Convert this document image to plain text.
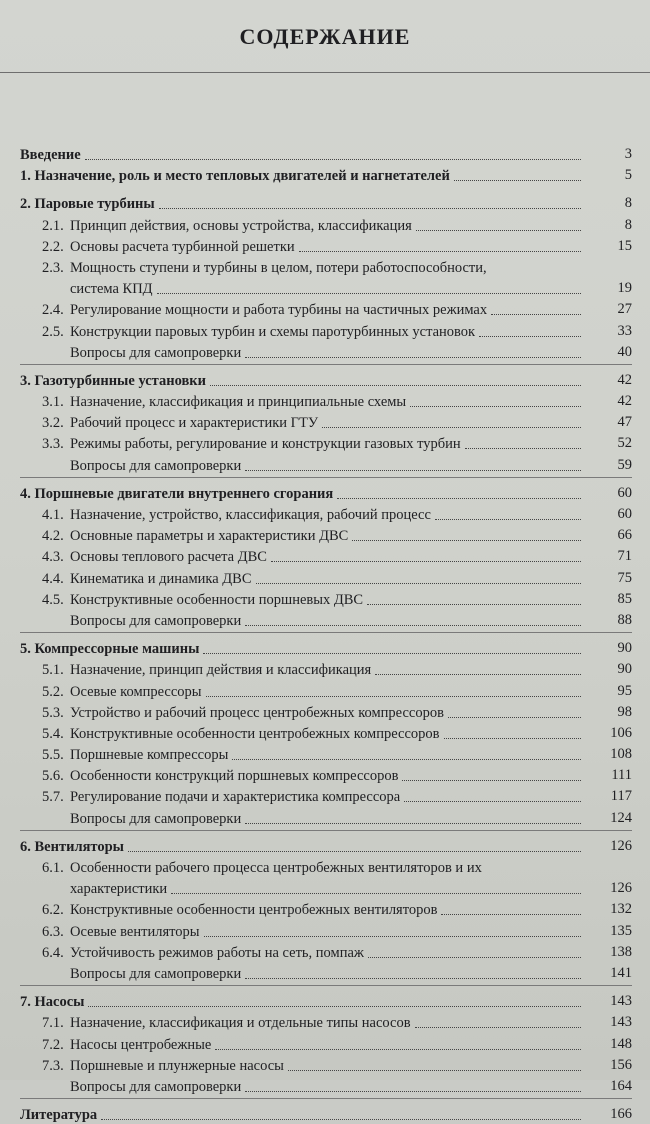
СОДЕРЖАНИЕ
Введение	3
1. Назначение, роль и место тепловых двигателей и нагнетателей	5
2. Паровые турбины	8
2.1. Принцип действия, основы устройства, классификация	8
2.2. Основы расчета турбинной решетки	15
2.3. Мощность ступени и турбины в целом, потери работоспособности,
система КПД	19
2.4. Регулирование мощности и работа турбины на частичных режимах	27
2.5. Конструкции паровых турбин и схемы паротурбинных установок	33
Вопросы для самопроверки	40
3. Газотурбинные установки	42
3.1. Назначение, классификация и принципиальные схемы	42
3.2. Рабочий процесс и характеристики ГТУ	47
3.3. Режимы работы, регулирование и конструкции газовых турбин	52
Вопросы для самопроверки	59
4. Поршневые двигатели внутреннего сгорания	60
4.1. Назначение, устройство, классификация, рабочий процесс	60
4.2. Основные параметры и характеристики ДВС	66
4.3. Основы теплового расчета ДВС	71
4.4. Кинематика и динамика ДВС	75
4.5. Конструктивные особенности поршневых ДВС	85
Вопросы для самопроверки	88
5. Компрессорные машины	90
5.1. Назначение, принцип действия и классификация	90
5.2. Осевые компрессоры	95
5.3. Устройство и рабочий процесс центробежных компрессоров	98
5.4. Конструктивные особенности центробежных компрессоров	106
5.5. Поршневые компрессоры	108
5.6. Особенности конструкций поршневых компрессоров	111
5.7. Регулирование подачи и характеристика компрессора	117
Вопросы для самопроверки	124
6. Вентиляторы	126
6.1. Особенности рабочего процесса центробежных вентиляторов и их
характеристики	126
6.2. Конструктивные особенности центробежных вентиляторов	132
6.3. Осевые вентиляторы	135
6.4. Устойчивость режимов работы на сеть, помпаж	138
Вопросы для самопроверки	141
7. Насосы	143
7.1. Назначение, классификация и отдельные типы насосов	143
7.2. Насосы центробежные	148
7.3. Поршневые и плунжерные насосы	156
Вопросы для самопроверки	164
Литература	166
